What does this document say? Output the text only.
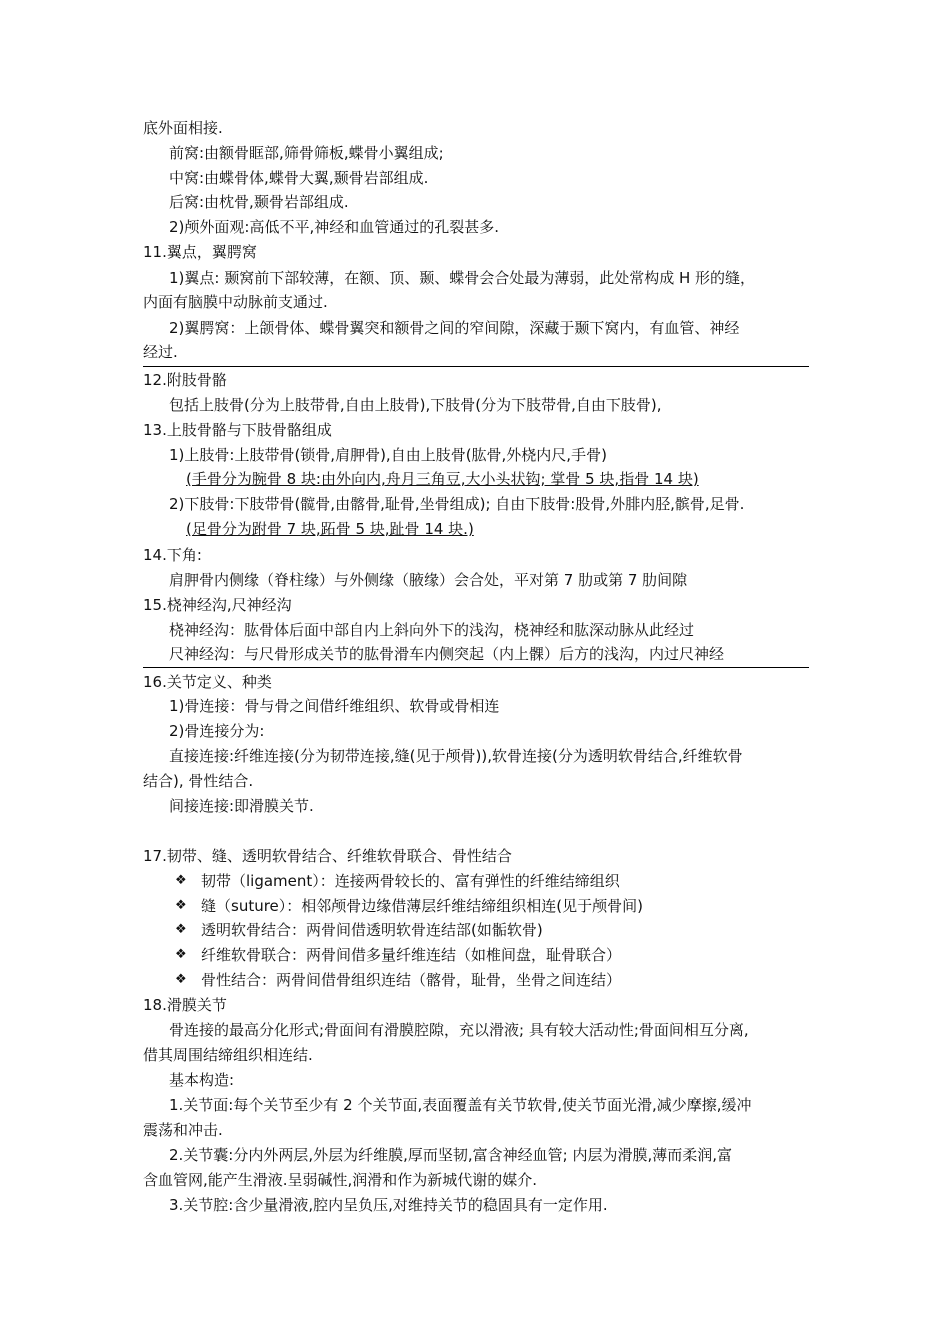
底外面相接.
前窝:由额骨眶部,筛骨筛板,蝶骨小翼组成;
中窝:由蝶骨体,蝶骨大翼,颞骨岩部组成.
后窝:由枕骨,颞骨岩部组成.
2)颅外面观:高低不平,神经和血管通过的孔裂甚多.
11.翼点，翼腭窝
1)翼点: 颞窝前下部较薄，在额、顶、颞、蝶骨会合处最为薄弱，此处常构成 H 形的缝，
内面有脑膜中动脉前支通过.
2)翼腭窝：上颌骨体、蝶骨翼突和额骨之间的窄间隙，深藏于颞下窝内，有血管、神经
经过.
12.附肢骨骼
包括上肢骨(分为上肢带骨,自由上肢骨),下肢骨(分为下肢带骨,自由下肢骨),
13.上肢骨骼与下肢骨骼组成
1)上肢骨:上肢带骨(锁骨,肩胛骨),自由上肢骨(肱骨,外桡内尺,手骨)
(手骨分为腕骨 8 块:由外向内,舟月三角豆,大小头状钩; 掌骨 5 块,指骨 14 块)
2)下肢骨:下肢带骨(髋骨,由髂骨,耻骨,坐骨组成); 自由下肢骨:股骨,外腓内胫,髌骨,足骨.
(足骨分为跗骨 7 块,跖骨 5 块,趾骨 14 块.)
14.下角:
肩胛骨内侧缘（脊柱缘）与外侧缘（腋缘）会合处，平对第 7 肋或第 7 肋间隙
15.桡神经沟,尺神经沟
桡神经沟：肱骨体后面中部自内上斜向外下的浅沟，桡神经和肱深动脉从此经过
尺神经沟：与尺骨形成关节的肱骨滑车内侧突起（内上髁）后方的浅沟，内过尺神经
16.关节定义、种类
1)骨连接：骨与骨之间借纤维组织、软骨或骨相连
2)骨连接分为:
直接连接:纤维连接(分为韧带连接,缝(见于颅骨)),软骨连接(分为透明软骨结合,纤维软骨
结合), 骨性结合.
间接连接:即滑膜关节.
17.韧带、缝、透明软骨结合、纤维软骨联合、骨性结合
❖ 韧带（ligament）：连接两骨较长的、富有弹性的纤维结缔组织
❖ 缝（suture）：相邻颅骨边缘借薄层纤维结缔组织相连(见于颅骨间)
❖ 透明软骨结合：两骨间借透明软骨连结部(如骺软骨)
❖ 纤维软骨联合：两骨间借多量纤维连结（如椎间盘，耻骨联合）
❖ 骨性结合：两骨间借骨组织连结（髂骨，耻骨，坐骨之间连结）
18.滑膜关节
骨连接的最高分化形式;骨面间有滑膜腔隙，充以滑液; 具有较大活动性;骨面间相互分离,
借其周围结缔组织相连结.
基本构造:
1.关节面:每个关节至少有 2 个关节面,表面覆盖有关节软骨,使关节面光滑,减少摩擦,缓冲
震荡和冲击.
2.关节囊:分内外两层,外层为纤维膜,厚而坚韧,富含神经血管; 内层为滑膜,薄而柔润,富
含血管网,能产生滑液.呈弱碱性,润滑和作为新城代谢的媒介.
3.关节腔:含少量滑液,腔内呈负压,对维持关节的稳固具有一定作用.
